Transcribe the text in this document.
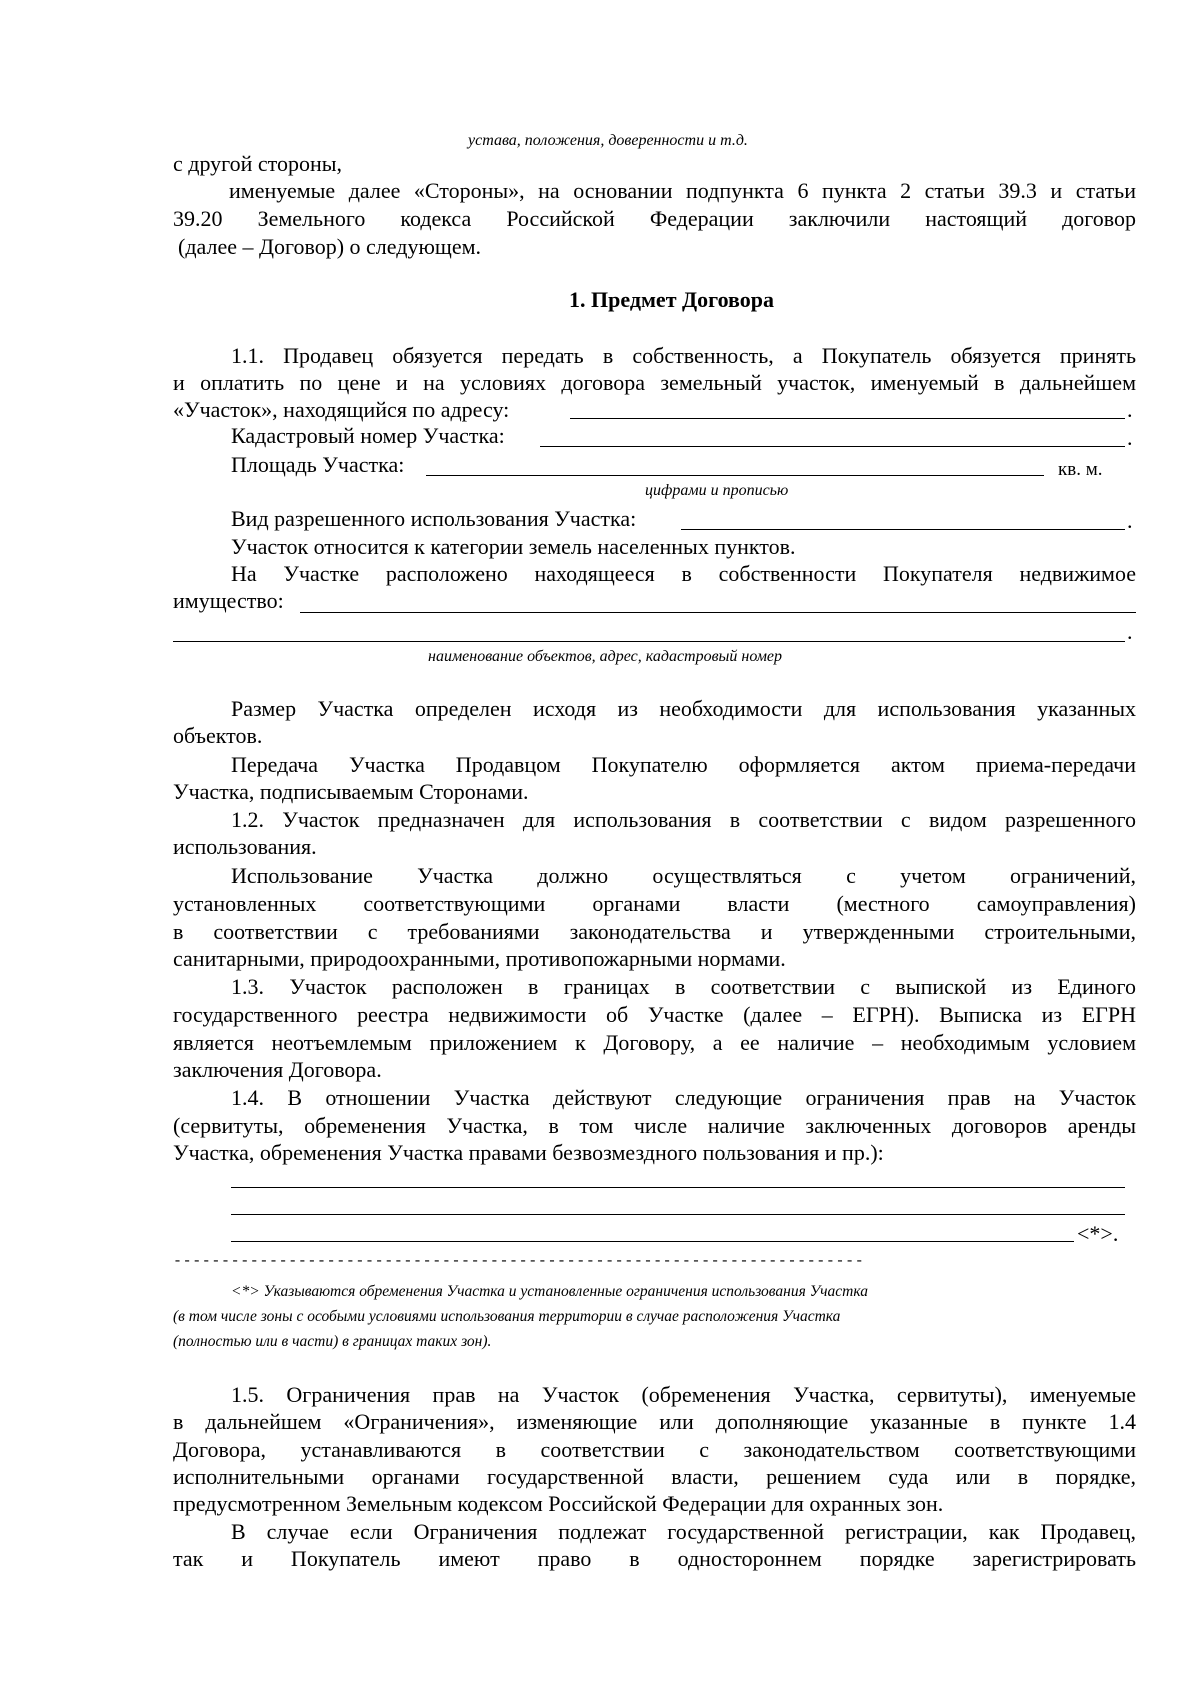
устава, положения, доверенности и т.д.
с другой стороны,
именуемые далее «Стороны», на основании подпункта 6 пункта 2 статьи 39.3 и статьи
39.20 Земельного кодекса Российской Федерации заключили настоящий договор
(далее – Договор) о следующем.
1. Предмет Договора
1.1. Продавец обязуется передать в собственность, а Покупатель обязуется принять
и оплатить по цене и на условиях договора земельный участок, именуемый в дальнейшем
«Участок», находящийся по адресу:	.
Кадастровый номер Участка:	.
Площадь Участка:	кв. м.
цифрами и прописью
Вид разрешенного использования Участка:	.
Участок относится к категории земель населенных пунктов.
На Участке расположено находящееся в собственности Покупателя недвижимое
имущество:
.
наименование объектов, адрес, кадастровый номер
Размер Участка определен исходя из необходимости для использования указанных
объектов.
Передача Участка Продавцом Покупателю оформляется актом приема-передачи
Участка, подписываемым Сторонами.
1.2. Участок предназначен для использования в соответствии с видом разрешенного
использования.
Использование Участка должно осуществляться с учетом ограничений,
установленных соответствующими органами власти (местного самоуправления)
в соответствии с требованиями законодательства и утвержденными строительными,
санитарными, природоохранными, противопожарными нормами.
1.3. Участок расположен в границах в соответствии с выпиской из Единого
государственного реестра недвижимости об Участке (далее – ЕГРН). Выписка из ЕГРН
является неотъемлемым приложением к Договору, а ее наличие – необходимым условием
заключения Договора.
1.4. В отношении Участка действуют следующие ограничения прав на Участок
(сервитуты, обременения Участка, в том числе наличие заключенных договоров аренды
Участка, обременения Участка правами безвозмездного пользования и пр.):
<*>.
------------------------------------------------------------------------
<*> Указываются обременения Участка и установленные ограничения использования Участка
(в том числе зоны с особыми условиями использования территории в случае расположения Участка
(полностью или в части) в границах таких зон).
1.5. Ограничения прав на Участок (обременения Участка, сервитуты), именуемые
в дальнейшем «Ограничения», изменяющие или дополняющие указанные в пункте 1.4
Договора, устанавливаются в соответствии с законодательством соответствующими
исполнительными органами государственной власти, решением суда или в порядке,
предусмотренном Земельным кодексом Российской Федерации для охранных зон.
В случае если Ограничения подлежат государственной регистрации, как Продавец,
так и Покупатель имеют право в одностороннем порядке зарегистрировать
